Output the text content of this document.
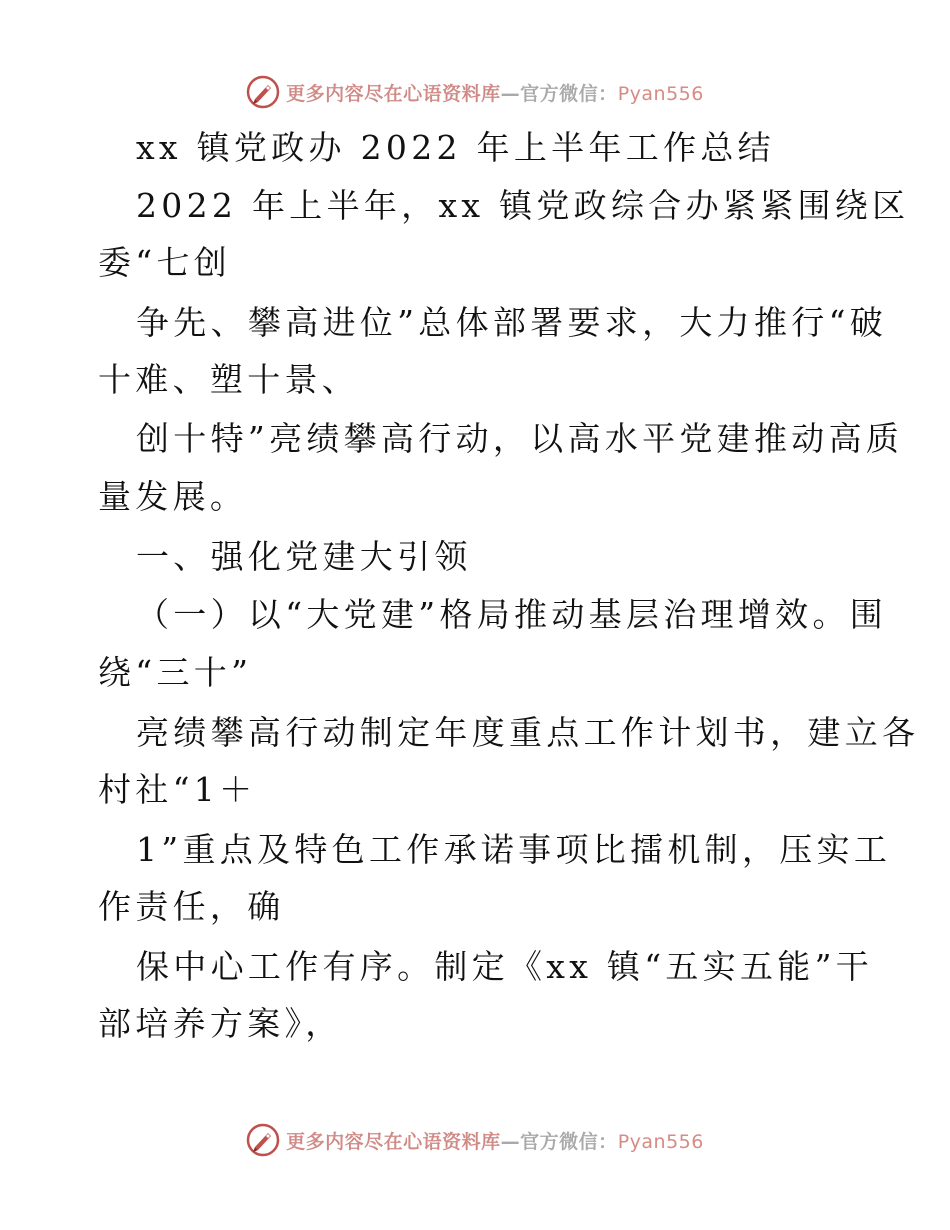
更多内容尽在心语资料库—官方微信：Pyan556
xx 镇党政办 2022 年上半年工作总结
2022 年上半年，xx 镇党政综合办紧紧围绕区
委“七创
争先、攀高进位”总体部署要求，大力推行“破
十难、塑十景、
创十特”亮绩攀高行动，以高水平党建推动高质
量发展。
一、强化党建大引领
（一）以“大党建”格局推动基层治理增效。围
绕“三十”
亮绩攀高行动制定年度重点工作计划书，建立各
村社“1＋
1”重点及特色工作承诺事项比擂机制，压实工
作责任，确
保中心工作有序。制定《xx 镇“五实五能”干
部培养方案》，
更多内容尽在心语资料库—官方微信：Pyan556
